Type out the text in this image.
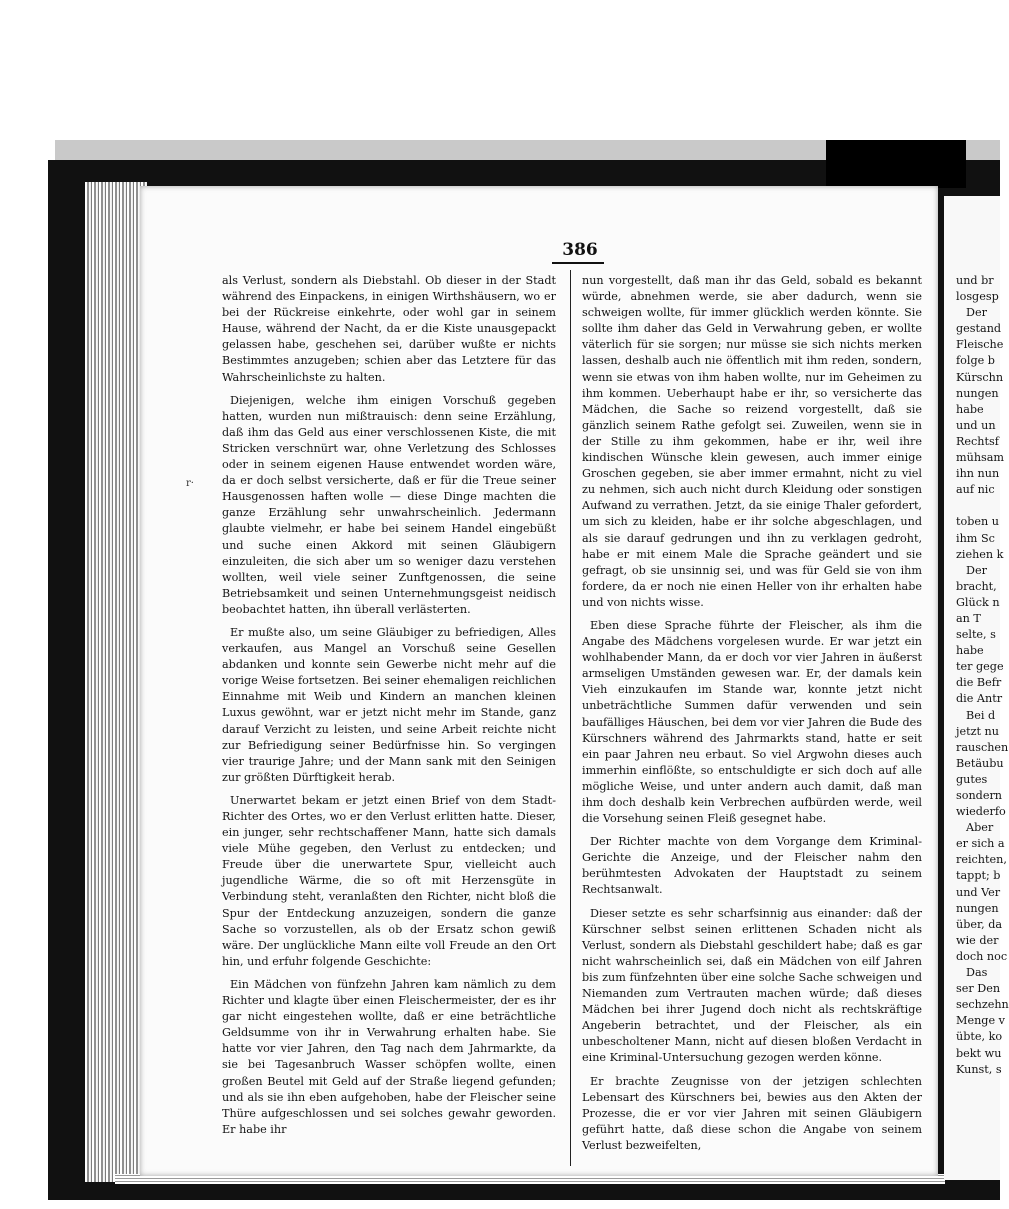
386
r·

als Verlust, sondern als Diebstahl. Ob dieser in der Stadt während des Einpackens, in einigen Wirthshäusern, wo er bei der Rückreise einkehrte, oder wohl gar in seinem Hause, während der Nacht, da er die Kiste unausgepackt gelassen habe, geschehen sei, darüber wußte er nichts Bestimmtes anzugeben; schien aber das Letztere für das Wahrscheinlichste zu halten.

Diejenigen, welche ihm einigen Vorschuß gegeben hatten, wurden nun mißtrauisch: denn seine Erzählung, daß ihm das Geld aus einer verschlossenen Kiste, die mit Stricken verschnürt war, ohne Verletzung des Schlosses oder in seinem eigenen Hause entwendet worden wäre, da er doch selbst versicherte, daß er für die Treue seiner Hausgenossen haften wolle — diese Dinge machten die ganze Erzählung sehr unwahrscheinlich. Jedermann glaubte vielmehr, er habe bei seinem Handel eingebüßt und suche einen Akkord mit seinen Gläubigern einzuleiten, die sich aber um so weniger dazu verstehen wollten, weil viele seiner Zunftgenossen, die seine Betriebsamkeit und seinen Unternehmungsgeist neidisch beobachtet hatten, ihn überall verlästerten.

Er mußte also, um seine Gläubiger zu befriedigen, Alles verkaufen, aus Mangel an Vorschuß seine Gesellen abdanken und konnte sein Gewerbe nicht mehr auf die vorige Weise fortsetzen. Bei seiner ehemaligen reichlichen Einnahme mit Weib und Kindern an manchen kleinen Luxus gewöhnt, war er jetzt nicht mehr im Stande, ganz darauf Verzicht zu leisten, und seine Arbeit reichte nicht zur Befriedigung seiner Bedürfnisse hin. So vergingen vier traurige Jahre; und der Mann sank mit den Seinigen zur größten Dürftigkeit herab.

Unerwartet bekam er jetzt einen Brief von dem Stadt-Richter des Ortes, wo er den Verlust erlitten hatte. Dieser, ein junger, sehr rechtschaffener Mann, hatte sich damals viele Mühe gegeben, den Verlust zu entdecken; und Freude über die unerwartete Spur, vielleicht auch jugendliche Wärme, die so oft mit Herzensgüte in Verbindung steht, veranlaßten den Richter, nicht bloß die Spur der Entdeckung anzuzeigen, sondern die ganze Sache so vorzustellen, als ob der Ersatz schon gewiß wäre. Der unglückliche Mann eilte voll Freude an den Ort hin, und erfuhr folgende Geschichte:

Ein Mädchen von fünfzehn Jahren kam nämlich zu dem Richter und klagte über einen Fleischermeister, der es ihr gar nicht eingestehen wollte, daß er eine beträchtliche Geldsumme von ihr in Verwahrung erhalten habe. Sie hatte vor vier Jahren, den Tag nach dem Jahrmarkte, da sie bei Tagesanbruch Wasser schöpfen wollte, einen großen Beutel mit Geld auf der Straße liegend gefunden; und als sie ihn eben aufgehoben, habe der Fleischer seine Thüre aufgeschlossen und sei solches gewahr geworden. Er habe ihr

nun vorgestellt, daß man ihr das Geld, sobald es bekannt würde, abnehmen werde, sie aber dadurch, wenn sie schweigen wollte, für immer glücklich werden könnte. Sie sollte ihm daher das Geld in Verwahrung geben, er wollte väterlich für sie sorgen; nur müsse sie sich nichts merken lassen, deshalb auch nie öffentlich mit ihm reden, sondern, wenn sie etwas von ihm haben wollte, nur im Geheimen zu ihm kommen. Ueberhaupt habe er ihr, so versicherte das Mädchen, die Sache so reizend vorgestellt, daß sie gänzlich seinem Rathe gefolgt sei. Zuweilen, wenn sie in der Stille zu ihm gekommen, habe er ihr, weil ihre kindischen Wünsche klein gewesen, auch immer einige Groschen gegeben, sie aber immer ermahnt, nicht zu viel zu nehmen, sich auch nicht durch Kleidung oder sonstigen Aufwand zu verrathen. Jetzt, da sie einige Thaler gefordert, um sich zu kleiden, habe er ihr solche abgeschlagen, und als sie darauf gedrungen und ihn zu verklagen gedroht, habe er mit einem Male die Sprache geändert und sie gefragt, ob sie unsinnig sei, und was für Geld sie von ihm fordere, da er noch nie einen Heller von ihr erhalten habe und von nichts wisse.

Eben diese Sprache führte der Fleischer, als ihm die Angabe des Mädchens vorgelesen wurde. Er war jetzt ein wohlhabender Mann, da er doch vor vier Jahren in äußerst armseligen Umständen gewesen war. Er, der damals kein Vieh einzukaufen im Stande war, konnte jetzt nicht unbeträchtliche Summen dafür verwenden und sein baufälliges Häuschen, bei dem vor vier Jahren die Bude des Kürschners während des Jahrmarkts stand, hatte er seit ein paar Jahren neu erbaut. So viel Argwohn dieses auch immerhin einflößte, so entschuldigte er sich doch auf alle mögliche Weise, und unter andern auch damit, daß man ihm doch deshalb kein Verbrechen aufbürden werde, weil die Vorsehung seinen Fleiß gesegnet habe.

Der Richter machte von dem Vorgange dem Kriminal-Gerichte die Anzeige, und der Fleischer nahm den berühmtesten Advokaten der Hauptstadt zu seinem Rechtsanwalt.

Dieser setzte es sehr scharfsinnig aus einander: daß der Kürschner selbst seinen erlittenen Schaden nicht als Verlust, sondern als Diebstahl geschildert habe; daß es gar nicht wahrscheinlich sei, daß ein Mädchen von eilf Jahren bis zum fünfzehnten über eine solche Sache schweigen und Niemanden zum Vertrauten machen würde; daß dieses Mädchen bei ihrer Jugend doch nicht als rechtskräftige Angeberin betrachtet, und der Fleischer, als ein unbescholtener Mann, nicht auf diesen bloßen Verdacht in eine Kriminal-Untersuchung gezogen werden könne.

Er brachte Zeugnisse von der jetzigen schlechten Lebensart des Kürschners bei, bewies aus den Akten der Prozesse, die er vor vier Jahren mit seinen Gläubigern geführt hatte, daß diese schon die Angabe von seinem Verlust bezweifelten,

und br
losgesp
Der
gestand
Fleische
folge b
Kürschn
nungen
habe
und un
Rechtsf
mühsam
ihn nun
auf nic

toben u
ihm Sc
ziehen k
Der
bracht,
Glück n
an T
selte, s
habe
ter gege
die Befr
die Antr
Bei d
jetzt nu
rauschen
Betäubu
gutes
sondern
wiederfo
Aber
er sich a
reichten,
tappt; b
und Ver
nungen
über, da
wie der
doch noc
Das
ser Den
sechzehn
Menge v
übte, ko
bekt wu
Kunst, s
